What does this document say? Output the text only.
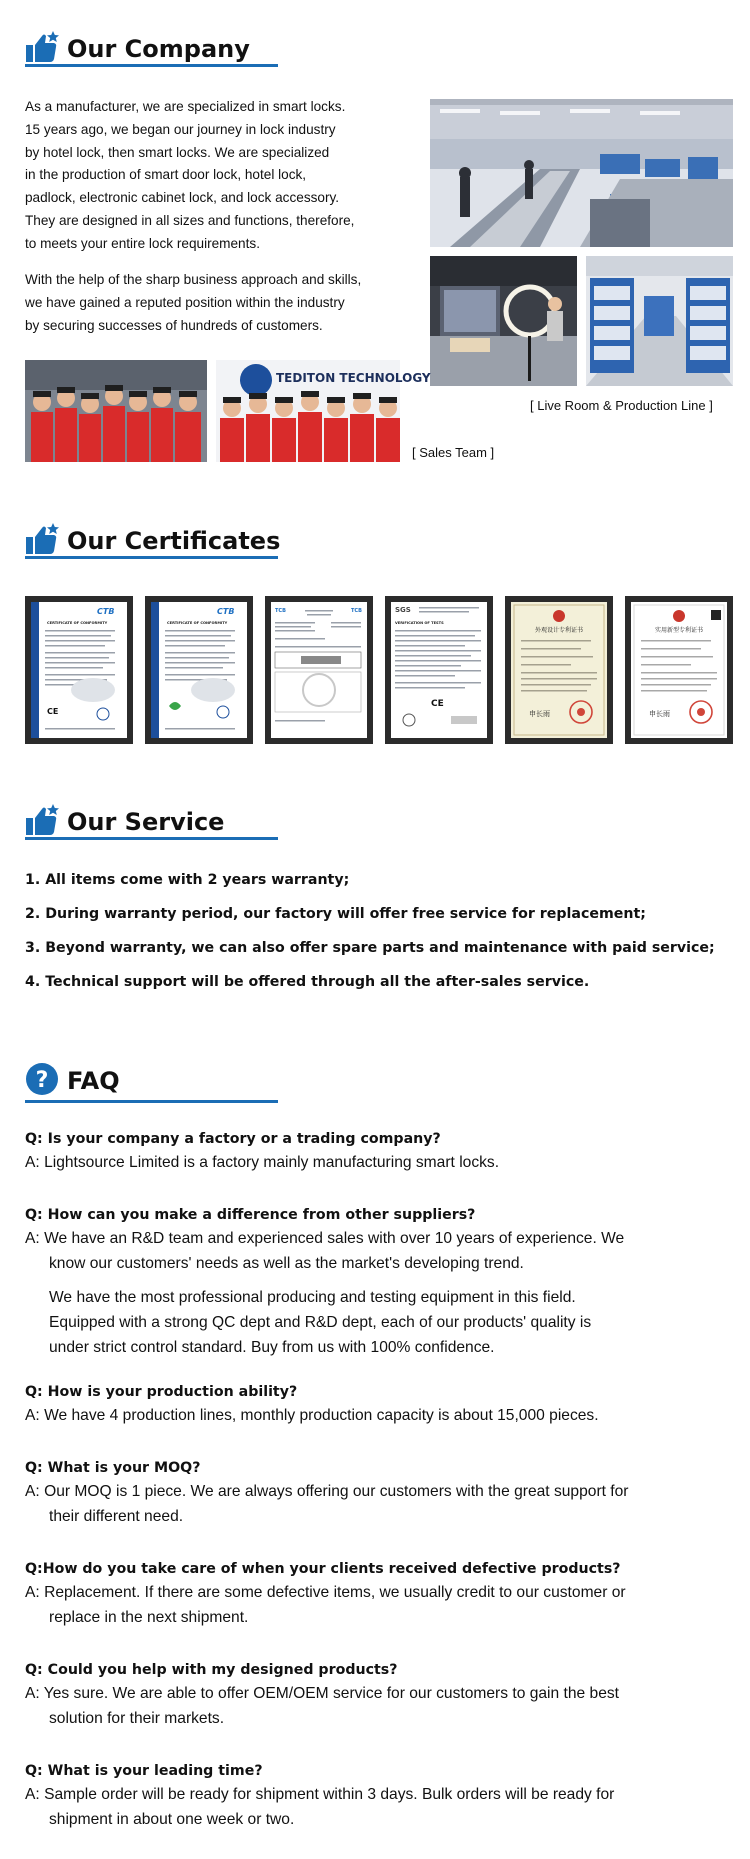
Our Company
As a manufacturer, we are specialized in smart locks.
15 years ago, we began our journey in lock industry
by hotel lock, then smart locks. We are specialized
in the production of smart door lock, hotel lock,
padlock, electronic cabinet lock, and lock accessory.
They are designed in all sizes and functions, therefore,
to meets your entire lock requirements.
With the help of the sharp business approach and skills,
we have gained a reputed position within the industry
by securing successes of hundreds of customers.
[ Live Room & Production Line ]
TEDITON TECHNOLOGY
[ Sales Team ]
Our Certificates
CTB
CERTIFICATE OF CONFORMITY
CE
CTB
CERTIFICATE OF CONFORMITY
TCB	TCB	SGS
VERIFICATION OF TESTS
CE
外观设计专利证书
申长雨
实用新型专利证书
申长雨
Our Service
1. All items come with 2 years warranty;
2. During warranty period, our factory will offer free service for replacement;
3. Beyond warranty, we can also offer spare parts and maintenance with paid service;
4. Technical support will be offered through all the after-sales service.
? FAQ
Q: Is your company a factory or a trading company?
A: Lightsource Limited is a factory mainly manufacturing smart locks.
Q: How can you make a difference from other suppliers?
A: We have an R&D team and experienced sales with over 10 years of experience. We
know our customers' needs as well as the market's developing trend.
We have the most professional producing and testing equipment in this field.
Equipped with a strong QC dept and R&D dept, each of our products' quality is
under strict control standard. Buy from us with 100% confidence.
Q: How is your production ability?
A: We have 4 production lines, monthly production capacity is about 15,000 pieces.
Q: What is your MOQ?
A: Our MOQ is 1 piece. We are always offering our customers with the great support for
their different need.
Q:How do you take care of when your clients received defective products?
A: Replacement. If there are some defective items, we usually credit to our customer or
replace in the next shipment.
Q: Could you help with my designed products?
A: Yes sure. We are able to offer OEM/OEM service for our customers to gain the best
solution for their markets.
Q: What is your leading time?
A: Sample order will be ready for shipment within 3 days. Bulk orders will be ready for
shipment in about one week or two.
